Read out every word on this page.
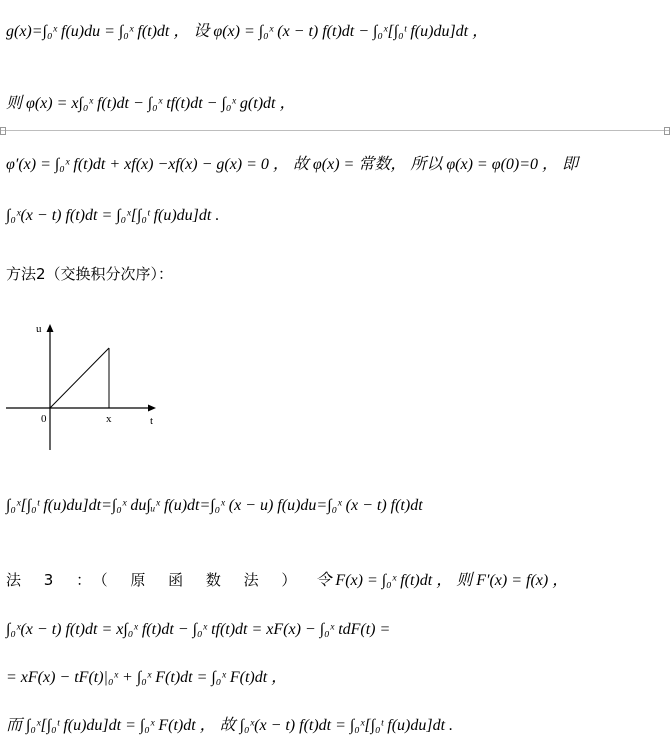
g(x)=∫₀ˣ f(u)du = ∫₀ˣ f(t)dt ， 设 φ(x) = ∫₀ˣ (x − t) f(t)dt − ∫₀ˣ[∫₀ᵗ f(u)du]dt ，
则 φ(x) = x∫₀ˣ f(t)dt − ∫₀ˣ tf(t)dt − ∫₀ˣ g(t)dt ，
φ′(x) = ∫₀ˣ f(t)dt + xf(x) −xf(x) − g(x) = 0 ， 故 φ(x) = 常数， 所以 φ(x) = φ(0)=0 ， 即
∫₀ˣ(x − t) f(t)dt = ∫₀ˣ[∫₀ᵗ f(u)du]dt .
方法2（交换积分次序）：
u
t
0	x
∫₀ˣ[∫₀ᵗ f(u)du]dt=∫₀ˣ du∫ᵤˣ f(u)dt=∫₀ˣ (x − u) f(u)du=∫₀ˣ (x − t) f(t)dt
法 3 ：（ 原 函 数 法 ） 令 F(x) = ∫₀ˣ f(t)dt ， 则 F′(x) = f(x) ，
∫₀ˣ(x − t) f(t)dt = x∫₀ˣ f(t)dt − ∫₀ˣ tf(t)dt = xF(x) − ∫₀ˣ tdF(t) =
= xF(x) − tF(t)|₀ˣ + ∫₀ˣ F(t)dt = ∫₀ˣ F(t)dt ，
而 ∫₀ˣ[∫₀ᵗ f(u)du]dt = ∫₀ˣ F(t)dt ， 故 ∫₀ˣ(x − t) f(t)dt = ∫₀ˣ[∫₀ᵗ f(u)du]dt .
